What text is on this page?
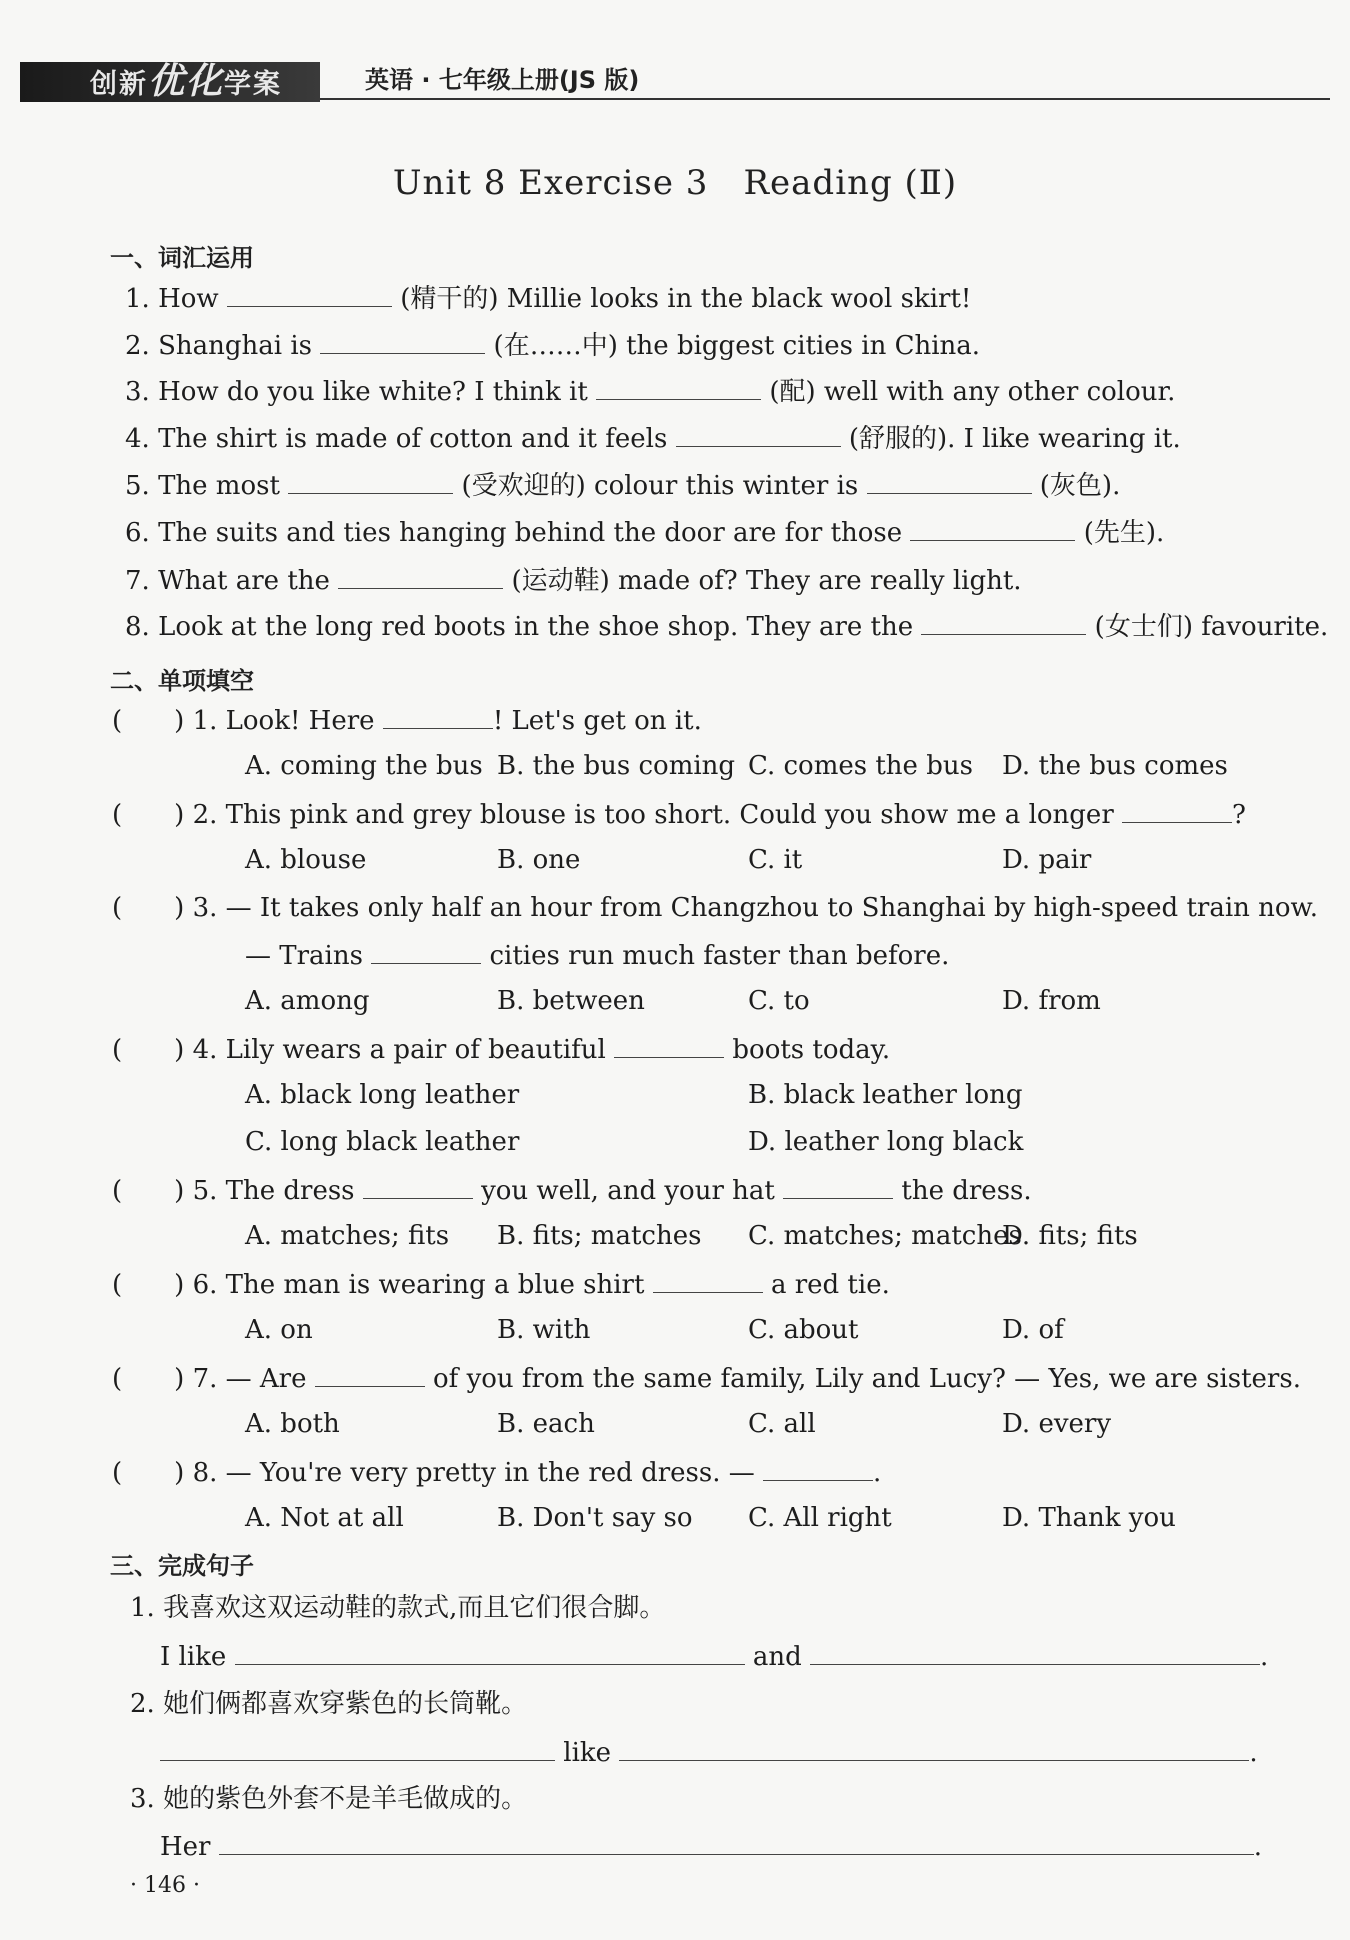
创新优化学案	英语 · 七年级上册(JS 版)
Unit 8 Exercise 3　Reading (Ⅱ)
一、词汇运用
1. How	(精干的) Millie looks in the black wool skirt!
2. Shanghai is	(在……中) the biggest cities in China.
3. How do you like white? I think it	(配) well with any other colour.
4. The shirt is made of cotton and it feels	(舒服的). I like wearing it.
5. The most	(受欢迎的) colour this winter is	(灰色).
6. The suits and ties hanging behind the door are for those	(先生).
7. What are the	(运动鞋) made of? They are really light.
8. Look at the long red boots in the shoe shop. They are the	(女士们) favourite.
二、单项填空
(　　) 1. Look! Here	! Let's get on it.
A. coming the bus B. the bus coming C. comes the bus D. the bus comes
(　　) 2. This pink and grey blouse is too short. Could you show me a longer	?
A. blouse	B. one	C. it	D. pair
(　　) 3. — It takes only half an hour from Changzhou to Shanghai by high-speed train now.
— Trains	cities run much faster than before.
A. among	B. between	C. to	D. from
(　　) 4. Lily wears a pair of beautiful	boots today.
A. black long leather	B. black leather long
C. long black leather	D. leather long black
(　　) 5. The dress	you well, and your hat	the dress.
A. matches; fits B. fits; matches C. matches; matches
D. fits; fits
(　　) 6. The man is wearing a blue shirt	a red tie.
A. on	B. with	C. about	D. of
(　　) 7. — Are	of you from the same family, Lily and Lucy? — Yes, we are sisters.
A. both	B. each	C. all	D. every
(　　) 8. — You're very pretty in the red dress. —	.
A. Not at all	B. Don't say so C. All right	D. Thank you
三、完成句子
1. 我喜欢这双运动鞋的款式,而且它们很合脚。
I like	and	.
2. 她们俩都喜欢穿紫色的长筒靴。
like	.
3. 她的紫色外套不是羊毛做成的。
Her	.
· 146 ·
